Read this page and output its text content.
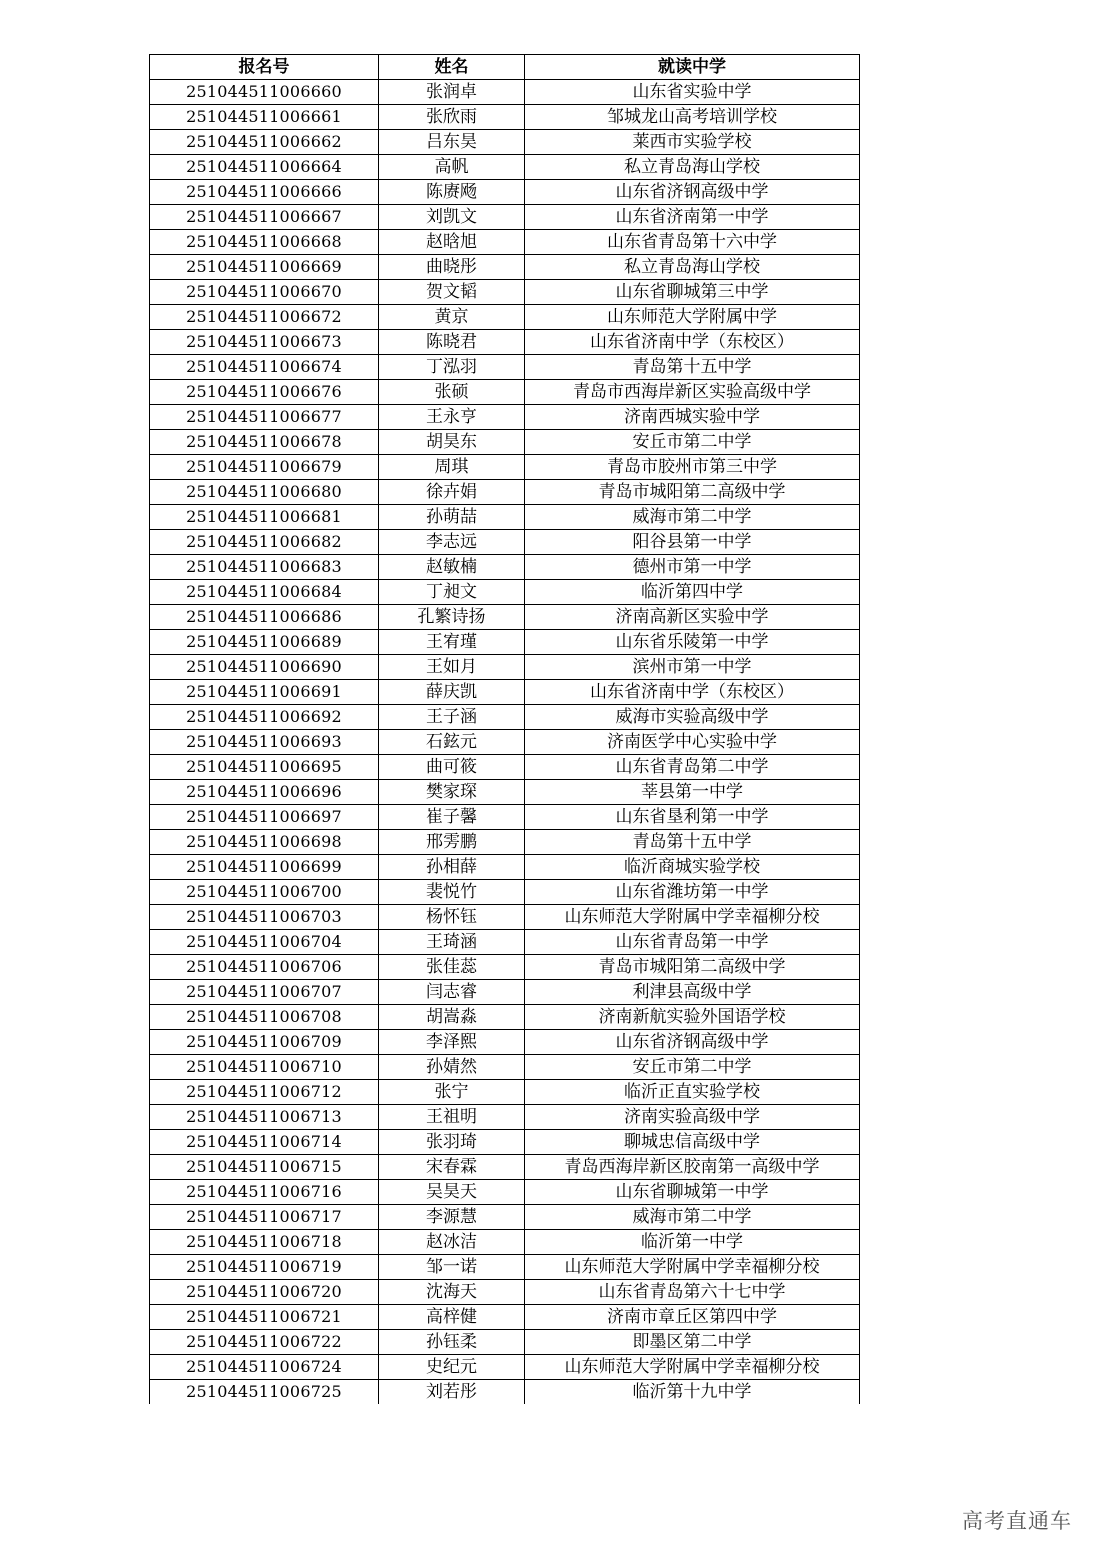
报名号	姓名	就读中学
251044511006660	张润卓	山东省实验中学
251044511006661	张欣雨	邹城龙山高考培训学校
251044511006662	吕东昊	莱西市实验学校
251044511006664	高帆	私立青岛海山学校
251044511006666	陈赓飏	山东省济钢高级中学
251044511006667	刘凯文	山东省济南第一中学
251044511006668	赵晗旭	山东省青岛第十六中学
251044511006669	曲晓彤	私立青岛海山学校
251044511006670	贺文韬	山东省聊城第三中学
251044511006672	黄京	山东师范大学附属中学
251044511006673	陈晓君	山东省济南中学（东校区）
251044511006674	丁泓羽	青岛第十五中学
251044511006676	张硕	青岛市西海岸新区实验高级中学
251044511006677	王永亨	济南西城实验中学
251044511006678	胡昊东	安丘市第二中学
251044511006679	周琪	青岛市胶州市第三中学
251044511006680	徐卉娟	青岛市城阳第二高级中学
251044511006681	孙萌喆	威海市第二中学
251044511006682	李志远	阳谷县第一中学
251044511006683	赵敏楠	德州市第一中学
251044511006684	丁昶文	临沂第四中学
251044511006686	孔繁诗扬	济南高新区实验中学
251044511006689	王宥瑾	山东省乐陵第一中学
251044511006690	王如月	滨州市第一中学
251044511006691	薛庆凯	山东省济南中学（东校区）
251044511006692	王子涵	威海市实验高级中学
251044511006693	石鉉元	济南医学中心实验中学
251044511006695	曲可筱	山东省青岛第二中学
251044511006696	樊家琛	莘县第一中学
251044511006697	崔子馨	山东省垦利第一中学
251044511006698	邢雱鹏	青岛第十五中学
251044511006699	孙相薛	临沂商城实验学校
251044511006700	裴悦竹	山东省潍坊第一中学
251044511006703	杨怀钰	山东师范大学附属中学幸福柳分校
251044511006704	王琦涵	山东省青岛第一中学
251044511006706	张佳蕊	青岛市城阳第二高级中学
251044511006707	闫志睿	利津县高级中学
251044511006708	胡嵩淼	济南新航实验外国语学校
251044511006709	李泽熙	山东省济钢高级中学
251044511006710	孙婧然	安丘市第二中学
251044511006712	张宁	临沂正直实验学校
251044511006713	王祖明	济南实验高级中学
251044511006714	张羽琦	聊城忠信高级中学
251044511006715	宋春霖	青岛西海岸新区胶南第一高级中学
251044511006716	吴昊天	山东省聊城第一中学
251044511006717	李源慧	威海市第二中学
251044511006718	赵冰洁	临沂第一中学
251044511006719	邹一诺	山东师范大学附属中学幸福柳分校
251044511006720	沈海天	山东省青岛第六十七中学
251044511006721	高梓健	济南市章丘区第四中学
251044511006722	孙钰柔	即墨区第二中学
251044511006724	史纪元	山东师范大学附属中学幸福柳分校
251044511006725	刘若彤	临沂第十九中学
高考直通车
